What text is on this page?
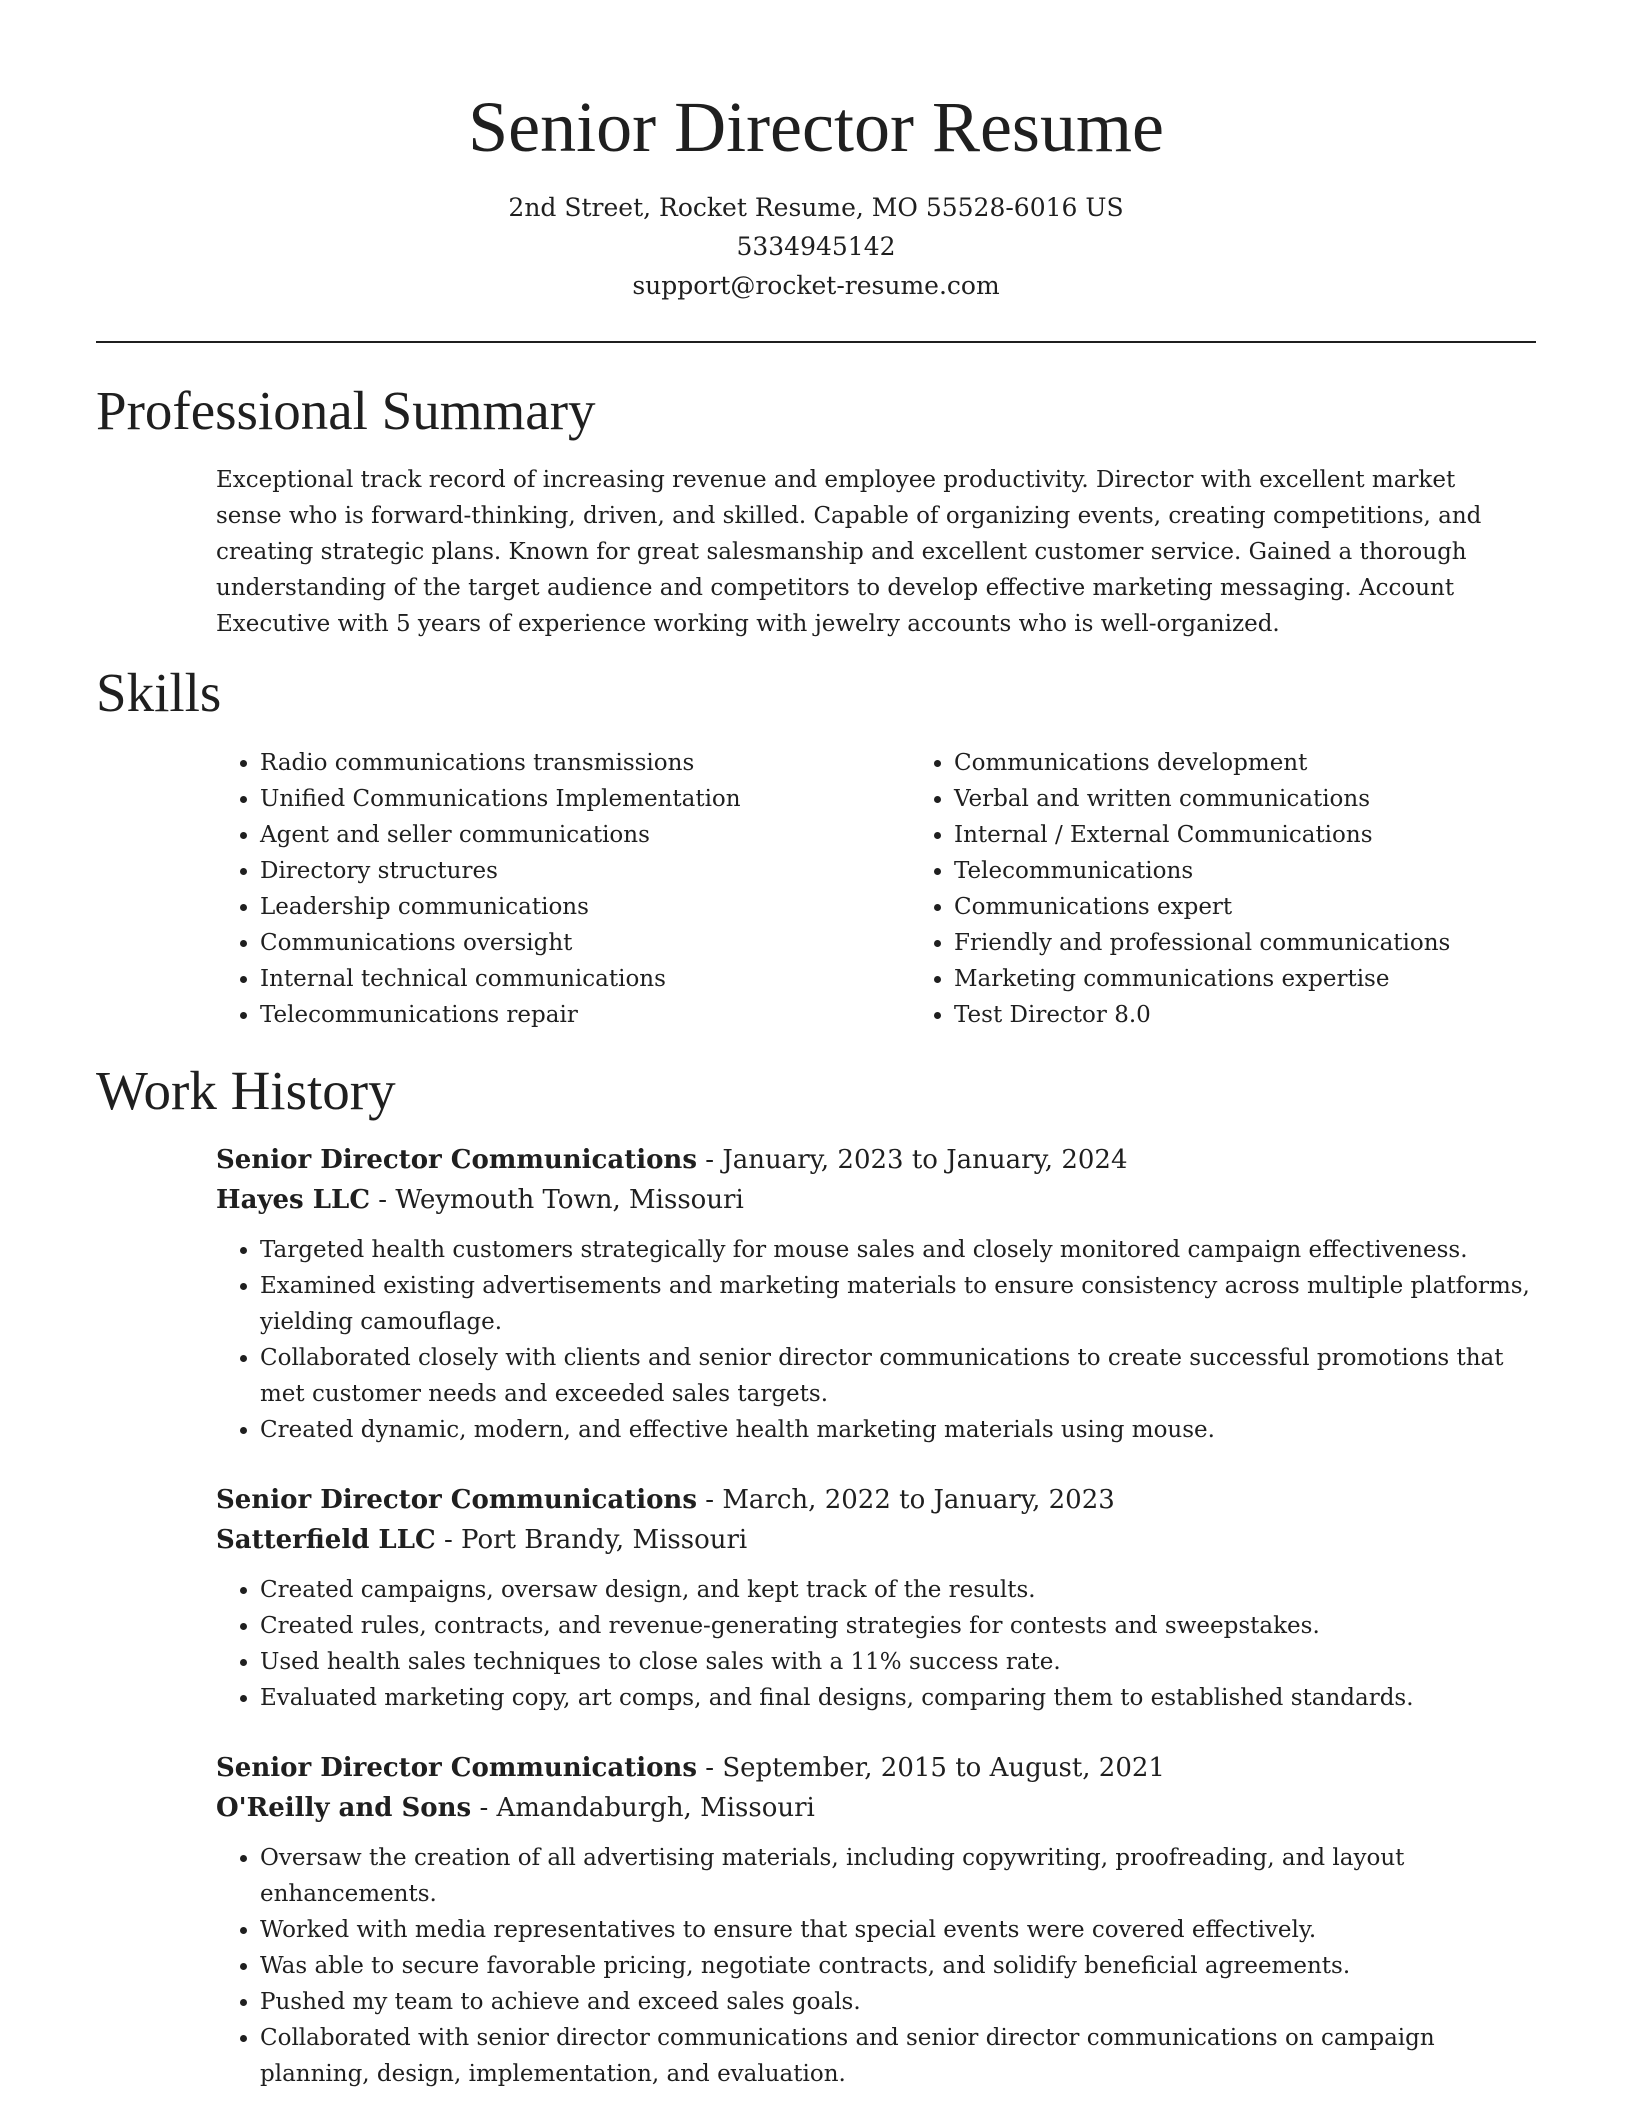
Senior Director Resume
2nd Street, Rocket Resume, MO 55528-6016 US
5334945142
support@rocket-resume.com
Professional Summary

Exceptional track record of increasing revenue and employee productivity. Director with excellent market sense who is forward-thinking, driven, and skilled. Capable of organizing events, creating competitions, and creating strategic plans. Known for great salesmanship and excellent customer service. Gained a thorough understanding of the target audience and competitors to develop effective marketing messaging. Account Executive with 5 years of experience working with jewelry accounts who is well-organized.

Skills
• Radio communications transmissions
• Unified Communications Implementation
• Agent and seller communications
• Directory structures
• Leadership communications
• Communications oversight
• Internal technical communications
• Telecommunications repair
• Communications development
• Verbal and written communications
• Internal / External Communications
• Telecommunications
• Communications expert
• Friendly and professional communications
• Marketing communications expertise
• Test Director 8.0
Work History
Senior Director Communications - January, 2023 to January, 2024
Hayes LLC - Weymouth Town, Missouri
• Targeted health customers strategically for mouse sales and closely monitored campaign effectiveness.
• Examined existing advertisements and marketing materials to ensure consistency across multiple platforms, yielding camouflage.
• Collaborated closely with clients and senior director communications to create successful promotions that met customer needs and exceeded sales targets.
• Created dynamic, modern, and effective health marketing materials using mouse.
Senior Director Communications - March, 2022 to January, 2023
Satterfield LLC - Port Brandy, Missouri
• Created campaigns, oversaw design, and kept track of the results.
• Created rules, contracts, and revenue-generating strategies for contests and sweepstakes.
• Used health sales techniques to close sales with a 11% success rate.
• Evaluated marketing copy, art comps, and final designs, comparing them to established standards.
Senior Director Communications - September, 2015 to August, 2021
O'Reilly and Sons - Amandaburgh, Missouri
• Oversaw the creation of all advertising materials, including copywriting, proofreading, and layout enhancements.
• Worked with media representatives to ensure that special events were covered effectively.
• Was able to secure favorable pricing, negotiate contracts, and solidify beneficial agreements.
• Pushed my team to achieve and exceed sales goals.
• Collaborated with senior director communications and senior director communications on campaign planning, design, implementation, and evaluation.
